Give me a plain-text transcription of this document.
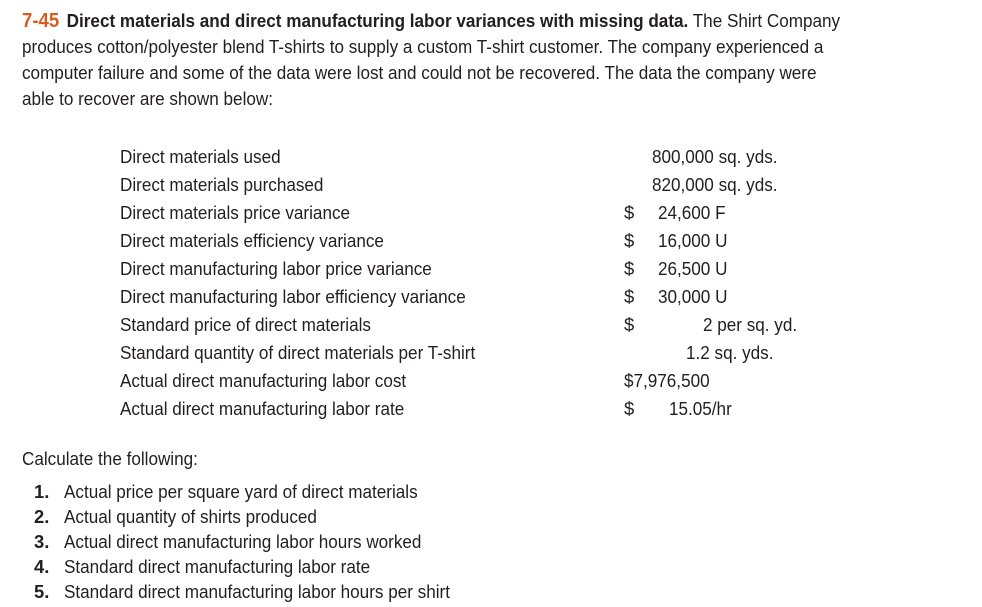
7-45 Direct materials and direct manufacturing labor variances with missing data. The Shirt Company
produces cotton/polyester blend T-shirts to supply a custom T-shirt customer. The company experienced a
computer failure and some of the data were lost and could not be recovered. The data the company were
able to recover are shown below:
Direct materials used	800,000 sq. yds.
Direct materials purchased	820,000 sq. yds.
Direct materials price variance	$ 24,600 F
Direct materials efficiency variance	$ 16,000 U
Direct manufacturing labor price variance	$ 26,500 U
Direct manufacturing labor efficiency variance	$ 30,000 U
Standard price of direct materials	$	2 per sq. yd.
Standard quantity of direct materials per T-shirt	1.2 sq. yds.
Actual direct manufacturing labor cost	$7,976,500
Actual direct manufacturing labor rate	$ 15.05/hr
Calculate the following:
1. Actual price per square yard of direct materials
2. Actual quantity of shirts produced
3. Actual direct manufacturing labor hours worked
4. Standard direct manufacturing labor rate
5. Standard direct manufacturing labor hours per shirt
